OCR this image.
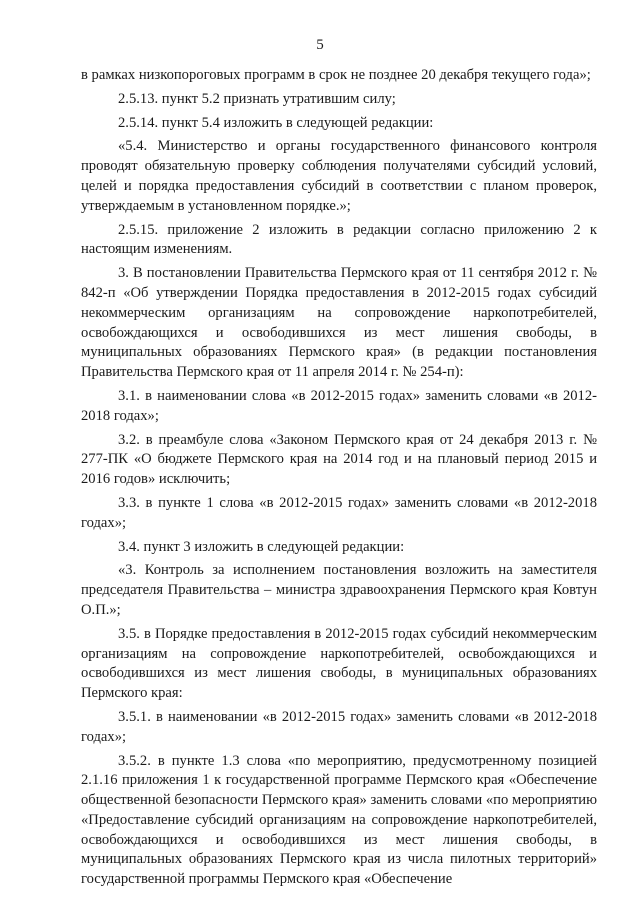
5

в рамках низкопороговых программ в срок не позднее 20 декабря текущего года»;

2.5.13. пункт 5.2 признать утратившим силу;

2.5.14. пункт 5.4 изложить в следующей редакции:

«5.4. Министерство и органы государственного финансового контроля проводят обязательную проверку соблюдения получателями субсидий условий, целей и порядка предоставления субсидий в соответствии с планом проверок, утверждаемым в установленном порядке.»;

2.5.15. приложение 2 изложить в редакции согласно приложению 2 к настоящим изменениям.

3. В постановлении Правительства Пермского края от 11 сентября 2012 г. № 842-п «Об утверждении Порядка предоставления в 2012-2015 годах субсидий некоммерческим организациям на сопровождение наркопотребителей, освобождающихся и освободившихся из мест лишения свободы, в муниципальных образованиях Пермского края» (в редакции постановления Правительства Пермского края от 11 апреля 2014 г. № 254-п):

3.1. в наименовании слова «в 2012-2015 годах» заменить словами «в 2012-2018 годах»;

3.2. в преамбуле слова «Законом Пермского края от 24 декабря 2013 г. № 277-ПК «О бюджете Пермского края на 2014 год и на плановый период 2015 и 2016 годов» исключить;

3.3. в пункте 1 слова «в 2012-2015 годах» заменить словами «в 2012-2018 годах»;

3.4. пункт 3 изложить в следующей редакции:

«3. Контроль за исполнением постановления возложить на заместителя председателя Правительства – министра здравоохранения Пермского края Ковтун О.П.»;

3.5. в Порядке предоставления в 2012-2015 годах субсидий некоммерческим организациям на сопровождение наркопотребителей, освобождающихся и освободившихся из мест лишения свободы, в муниципальных образованиях Пермского края:

3.5.1. в наименовании «в 2012-2015 годах» заменить словами «в 2012-2018 годах»;

3.5.2. в пункте 1.3 слова «по мероприятию, предусмотренному позицией 2.1.16 приложения 1 к государственной программе Пермского края «Обеспечение общественной безопасности Пермского края» заменить словами «по мероприятию «Предоставление субсидий организациям на сопровождение наркопотребителей, освобождающихся и освободившихся из мест лишения свободы, в муниципальных образованиях Пермского края из числа пилотных территорий» государственной программы Пермского края «Обеспечение
